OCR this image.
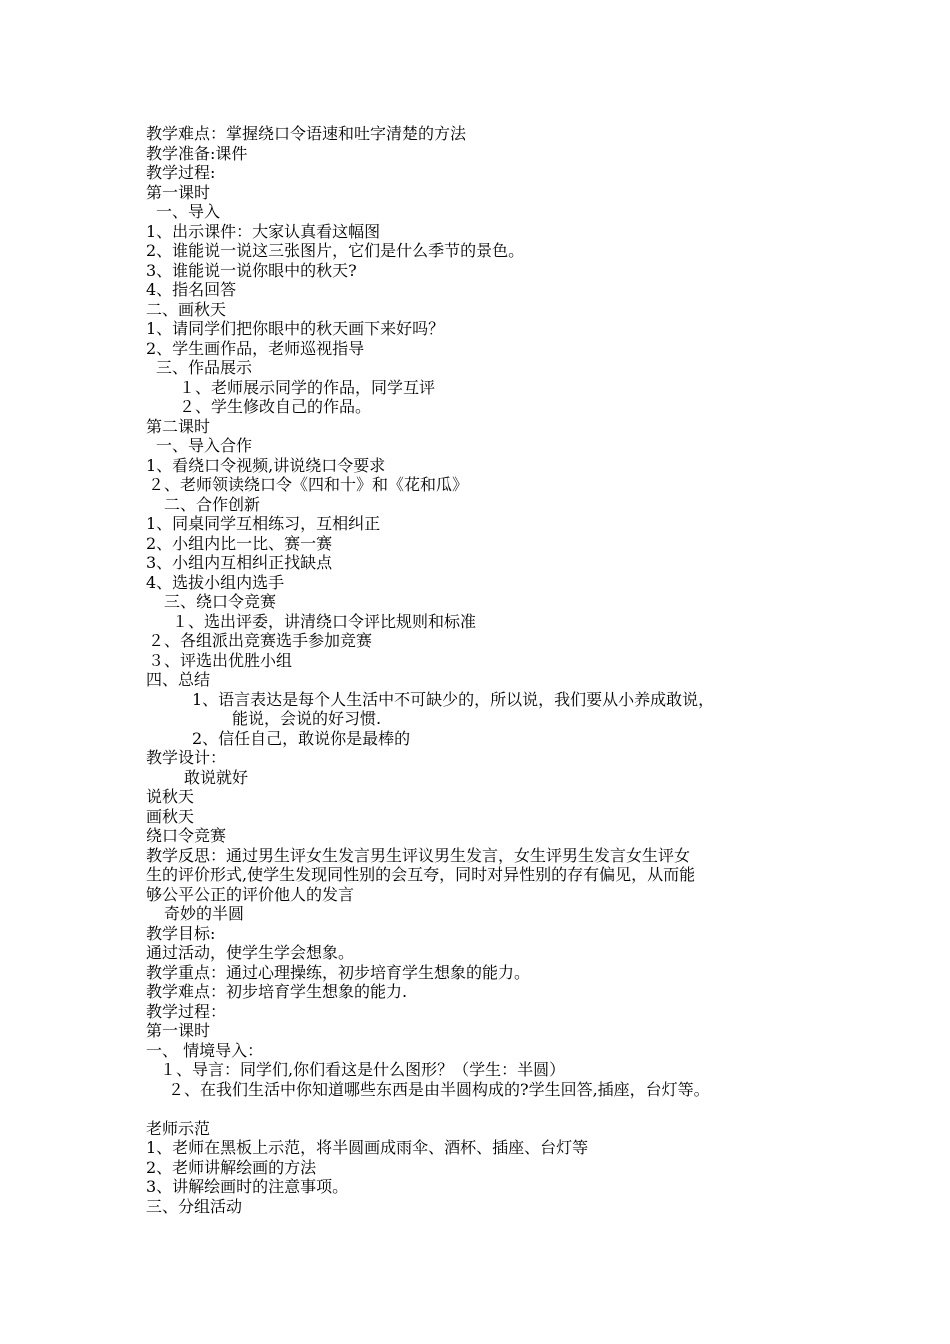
教学难点：掌握绕口令语速和吐字清楚的方法
教学准备:课件
教学过程:
第一课时
一、导入
1、出示课件：大家认真看这幅图
2、谁能说一说这三张图片，它们是什么季节的景色。
3、谁能说一说你眼中的秋天?
4、指名回答
二、画秋天
1、请同学们把你眼中的秋天画下来好吗？
2、学生画作品，老师巡视指导
三、作品展示
１、老师展示同学的作品，同学互评
２、学生修改自己的作品。
第二课时
一、导入合作
1、看绕口令视频,讲说绕口令要求
２、老师领读绕口令《四和十》和《花和瓜》
二、合作创新
1、同桌同学互相练习，互相纠正
2、小组内比一比、赛一赛
3、小组内互相纠正找缺点
4、选拔小组内选手
三、绕口令竞赛
１、选出评委，讲清绕口令评比规则和标准
２、各组派出竞赛选手参加竞赛
３、评选出优胜小组
四、总结
1、语言表达是每个人生活中不可缺少的，所以说，我们要从小养成敢说，
能说，会说的好习惯.
2、信任自己，敢说你是最棒的
教学设计：
敢说就好
说秋天
画秋天
绕口令竞赛
教学反思：通过男生评女生发言男生评议男生发言，女生评男生发言女生评女
生的评价形式,使学生发现同性别的会互夸，同时对异性别的存有偏见，从而能
够公平公正的评价他人的发言
奇妙的半圆
教学目标:
通过活动，使学生学会想象。
教学重点：通过心理操练，初步培育学生想象的能力。
教学难点：初步培育学生想象的能力.
教学过程：
第一课时
一、 情境导入：
１、导言：同学们,你们看这是什么图形？（学生：半圆）
２、在我们生活中你知道哪些东西是由半圆构成的?学生回答,插座，台灯等。
老师示范
1、老师在黑板上示范，将半圆画成雨伞、酒杯、插座、台灯等
2、老师讲解绘画的方法
3、讲解绘画时的注意事项。
三、分组活动
